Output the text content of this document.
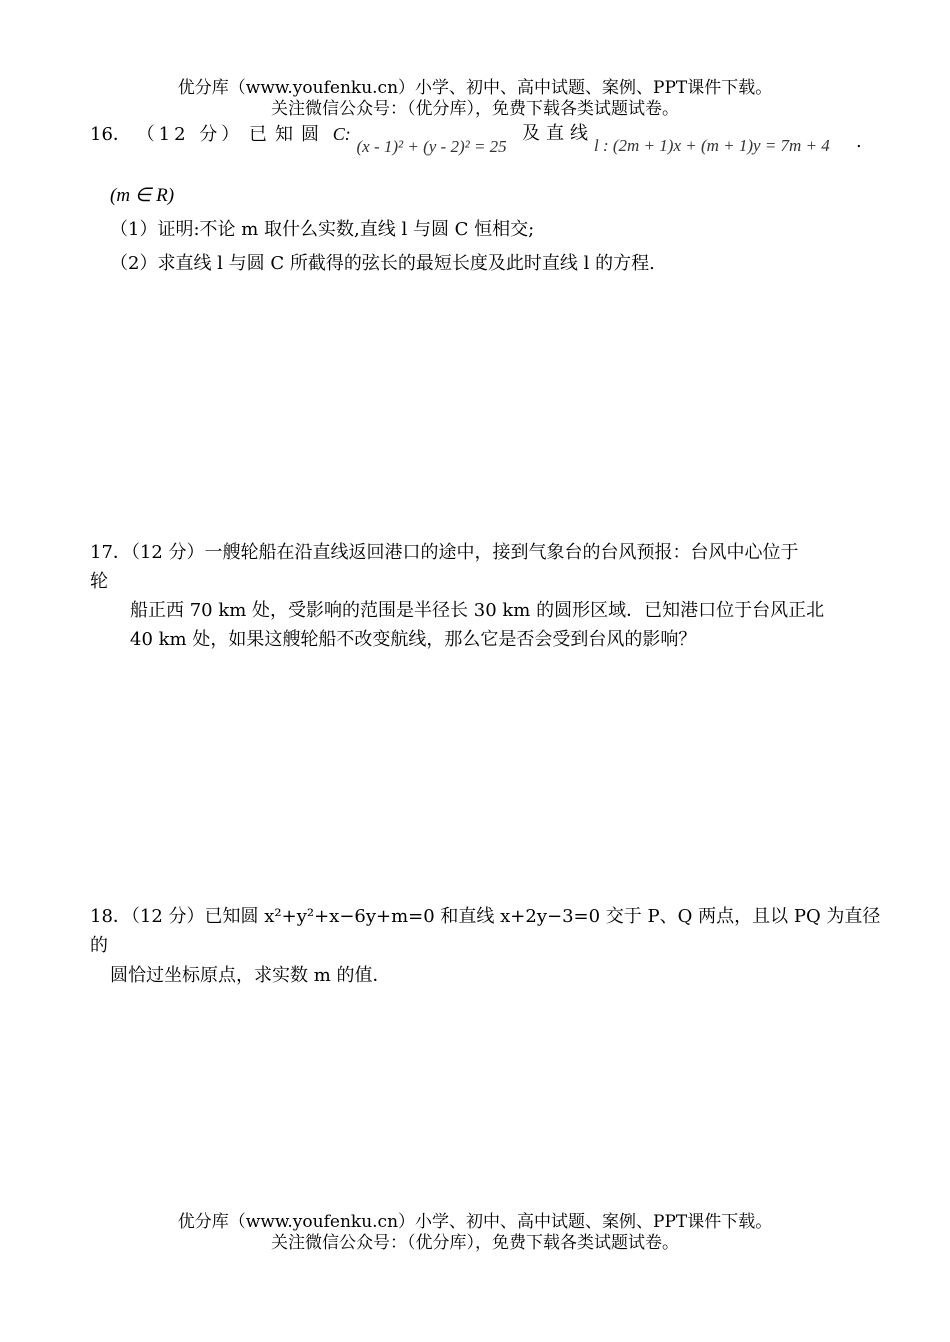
优分库（www.youfenku.cn）小学、初中、高中试题、案例、PPT课件下载。
关注微信公众号：（优分库），免费下载各类试题试卷。
16． （12 分） 已知圆 C: (x - 1)² + (y - 2)² = 25
及直线
l : (2m + 1)x + (m + 1)y = 7m + 4 .
(m ∈ R)
（1）证明:不论 m 取什么实数,直线 l 与圆 C 恒相交;
（2）求直线 l 与圆 C 所截得的弦长的最短长度及此时直线 l 的方程.
17．（12 分）一艘轮船在沿直线返回港口的途中，接到气象台的台风预报：台风中心位于
轮
船正西 70 km 处，受影响的范围是半径长 30 km 的圆形区域．已知港口位于台风正北
40 km 处，如果这艘轮船不改变航线，那么它是否会受到台风的影响？
18．（12 分）已知圆 x²+y²+x−6y+m=0 和直线 x+2y−3=0 交于 P、Q 两点，且以 PQ 为直径
的
圆恰过坐标原点，求实数 m 的值．
优分库（www.youfenku.cn）小学、初中、高中试题、案例、PPT课件下载。
关注微信公众号：（优分库），免费下载各类试题试卷。
